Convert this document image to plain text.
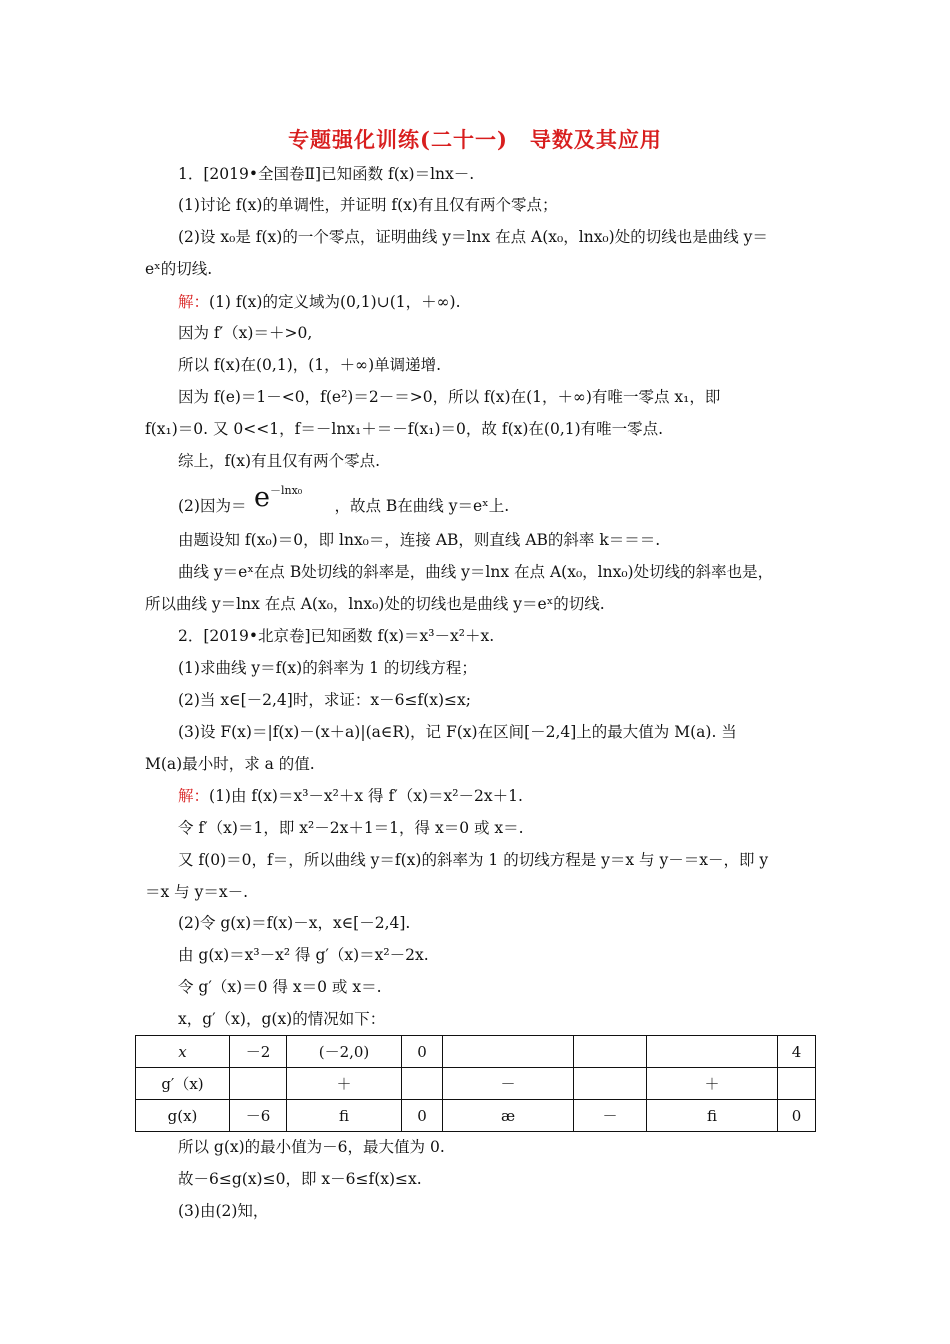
专题强化训练(二十一)　导数及其应用
1．[2019•全国卷Ⅱ]已知函数 f(x)＝lnx－.
(1)讨论 f(x)的单调性，并证明 f(x)有且仅有两个零点；
(2)设 x₀是 f(x)的一个零点，证明曲线 y＝lnx 在点 A(x₀，lnx₀)处的切线也是曲线 y＝
eˣ的切线.
解：(1) f(x)的定义域为(0,1)∪(1，＋∞).
因为 f′（x)＝＋>0,
所以 f(x)在(0,1)，(1，＋∞)单调递增.
因为 f(e)＝1－<0，f(e²)＝2－＝>0，所以 f(x)在(1，＋∞)有唯一零点 x₁，即
f(x₁)＝0. 又 0<<1，f＝－lnx₁＋＝－f(x₁)＝0，故 f(x)在(0,1)有唯一零点.
综上，f(x)有且仅有两个零点.
(2)因为＝	，故点 B在曲线 y＝eˣ上.
$e^{-lnx_0}$
由题设知 f(x₀)＝0，即 lnx₀＝，连接 AB，则直线 AB的斜率 k＝＝＝.
曲线 y＝eˣ在点 B处切线的斜率是，曲线 y＝lnx 在点 A(x₀，lnx₀)处切线的斜率也是，
所以曲线 y＝lnx 在点 A(x₀，lnx₀)处的切线也是曲线 y＝eˣ的切线.
2．[2019•北京卷]已知函数 f(x)＝x³－x²＋x.
(1)求曲线 y＝f(x)的斜率为 1 的切线方程；
(2)当 x∈[－2,4]时，求证：x－6≤f(x)≤x;
(3)设 F(x)＝|f(x)－(x＋a)|(a∈R)，记 F(x)在区间[－2,4]上的最大值为 M(a). 当
M(a)最小时，求 a 的值.
解：(1)由 f(x)＝x³－x²＋x 得 f′（x)＝x²－2x＋1.
令 f′（x)＝1，即 x²－2x＋1＝1，得 x＝0 或 x＝.
又 f(0)＝0，f＝，所以曲线 y＝f(x)的斜率为 1 的切线方程是 y＝x 与 y－＝x－，即 y
＝x 与 y＝x－.
(2)令 g(x)＝f(x)－x，x∈[－2,4].
由 g(x)＝x³－x² 得 g′（x)＝x²－2x.
令 g′（x)＝0 得 x＝0 或 x＝.
x，g′（x)，g(x)的情况如下：
x	－2	(－2,0)	0				4
g′（x)		＋		－		＋	
g(x)	－6	ﬁ	0	æ	－	ﬁ	0
所以 g(x)的最小值为－6，最大值为 0.
故－6≤g(x)≤0，即 x－6≤f(x)≤x.
(3)由(2)知，
